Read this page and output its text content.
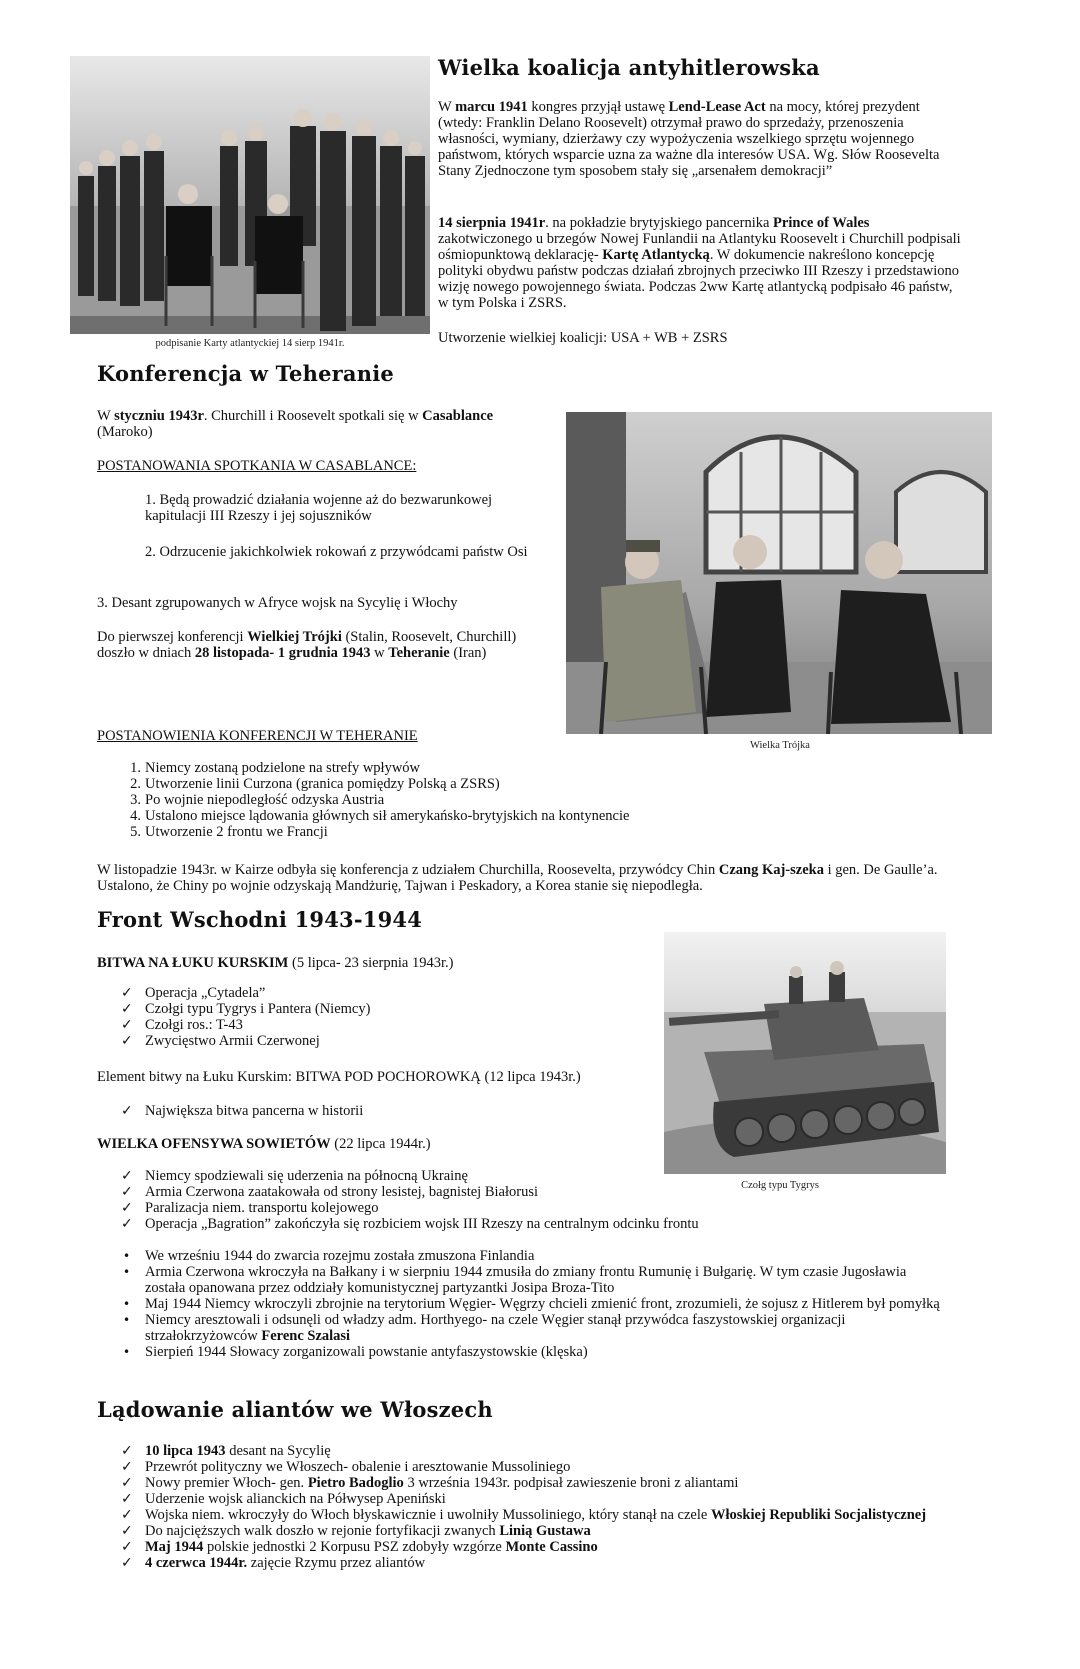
podpisanie Karty atlantyckiej 14 sierp 1941r.
Wielka koalicja antyhitlerowska

W marcu 1941 kongres przyjął ustawę Lend-Lease Act na mocy, której prezydent (wtedy: Franklin Delano Roosevelt) otrzymał prawo do sprzedaży, przenoszenia własności, wymiany, dzierżawy czy wypożyczenia wszelkiego sprzętu wojennego państwom, których wsparcie uzna za ważne dla interesów USA. Wg. Słów Roosevelta Stany Zjednoczone tym sposobem stały się „arsenałem demokracji”

14 sierpnia 1941r. na pokładzie brytyjskiego pancernika Prince of Wales zakotwiczonego u brzegów Nowej Funlandii na Atlantyku Roosevelt i Churchill podpisali ośmiopunktową deklarację- Kartę Atlantycką. W dokumencie nakreślono koncepcję polityki obydwu państw podczas działań zbrojnych przeciwko III Rzeszy i przedstawiono wizję nowego powojennego świata. Podczas 2ww Kartę atlantycką podpisało 46 państw, w tym Polska i ZSRS.

Utworzenie wielkiej koalicji: USA + WB + ZSRS

Konferencja w Teheranie

W styczniu 1943r. Churchill i Roosevelt spotkali się w Casablance (Maroko)

POSTANOWANIA SPOTKANIA W CASABLANCE:

1. Będą prowadzić działania wojenne aż do bezwarunkowej kapitulacji III Rzeszy i jej sojuszników

2. Odrzucenie jakichkolwiek rokowań z przywódcami państw Osi

3. Desant zgrupowanych w Afryce wojsk na Sycylię i Włochy

Do pierwszej konferencji Wielkiej Trójki (Stalin, Roosevelt, Churchill) doszło w dniach 28 listopada- 1 grudnia 1943 w Teheranie (Iran)

Wielka Trójka

POSTANOWIENIA KONFERENCJI W TEHERANIE

1. Niemcy zostaną podzielone na strefy wpływów
2. Utworzenie linii Curzona (granica pomiędzy Polską a ZSRS)
3. Po wojnie niepodległość odzyska Austria
4. Ustalono miejsce lądowania głównych sił amerykańsko-brytyjskich na kontynencie
5. Utworzenie 2 frontu we Francji

W listopadzie 1943r. w Kairze odbyła się konferencja z udziałem Churchilla, Roosevelta, przywódcy Chin Czang Kaj-szeka i gen. De Gaulle’a. Ustalono, że Chiny po wojnie odzyskają Mandżurię, Tajwan i Peskadory, a Korea stanie się niepodległa.

Front Wschodni 1943-1944
Czołg typu Tygrys

BITWA NA ŁUKU KURSKIM (5 lipca- 23 sierpnia 1943r.)

✓ Operacja „Cytadela”
✓ Czołgi typu Tygrys i Pantera (Niemcy)
✓ Czołgi ros.: T-43
✓ Zwycięstwo Armii Czerwonej

Element bitwy na Łuku Kurskim: BITWA POD POCHOROWKĄ (12 lipca 1943r.)

✓ Największa bitwa pancerna w historii

WIELKA OFENSYWA SOWIETÓW (22 lipca 1944r.)

✓ Niemcy spodziewali się uderzenia na północną Ukrainę
✓ Armia Czerwona zaatakowała od strony lesistej, bagnistej Białorusi
✓ Paralizacja niem. transportu kolejowego
✓ Operacja „Bagration” zakończyła się rozbiciem wojsk III Rzeszy na centralnym odcinku frontu
•	We wrześniu 1944 do zwarcia rozejmu została zmuszona Finlandia
•	Armia Czerwona wkroczyła na Bałkany i w sierpniu 1944 zmusiła do zmiany frontu Rumunię i Bułgarię. W tym czasie Jugosławia została opanowana przez oddziały komunistycznej partyzantki Josipa Broza-Tito
•	Maj 1944 Niemcy wkroczyli zbrojnie na terytorium Węgier- Węgrzy chcieli zmienić front, zrozumieli, że sojusz z Hitlerem był pomyłką
•	Niemcy aresztowali i odsunęli od władzy adm. Horthyego- na czele Węgier stanął przywódca faszystowskiej organizacji strzałokrzyżowców Ferenc Szalasi
•	Sierpień 1944 Słowacy zorganizowali powstanie antyfaszystowskie (klęska)
Lądowanie aliantów we Włoszech
✓ 10 lipca 1943 desant na Sycylię
✓ Przewrót polityczny we Włoszech- obalenie i aresztowanie Mussoliniego
✓ Nowy premier Włoch- gen. Pietro Badoglio 3 września 1943r. podpisał zawieszenie broni z aliantami
✓ Uderzenie wojsk alianckich na Półwysep Apeniński
✓ Wojska niem. wkroczyły do Włoch błyskawicznie i uwolniły Mussoliniego, który stanął na czele Włoskiej Republiki Socjalistycznej
✓ Do najcięższych walk doszło w rejonie fortyfikacji zwanych Linią Gustawa
✓ Maj 1944 polskie jednostki 2 Korpusu PSZ zdobyły wzgórze Monte Cassino
✓ 4 czerwca 1944r. zajęcie Rzymu przez aliantów
